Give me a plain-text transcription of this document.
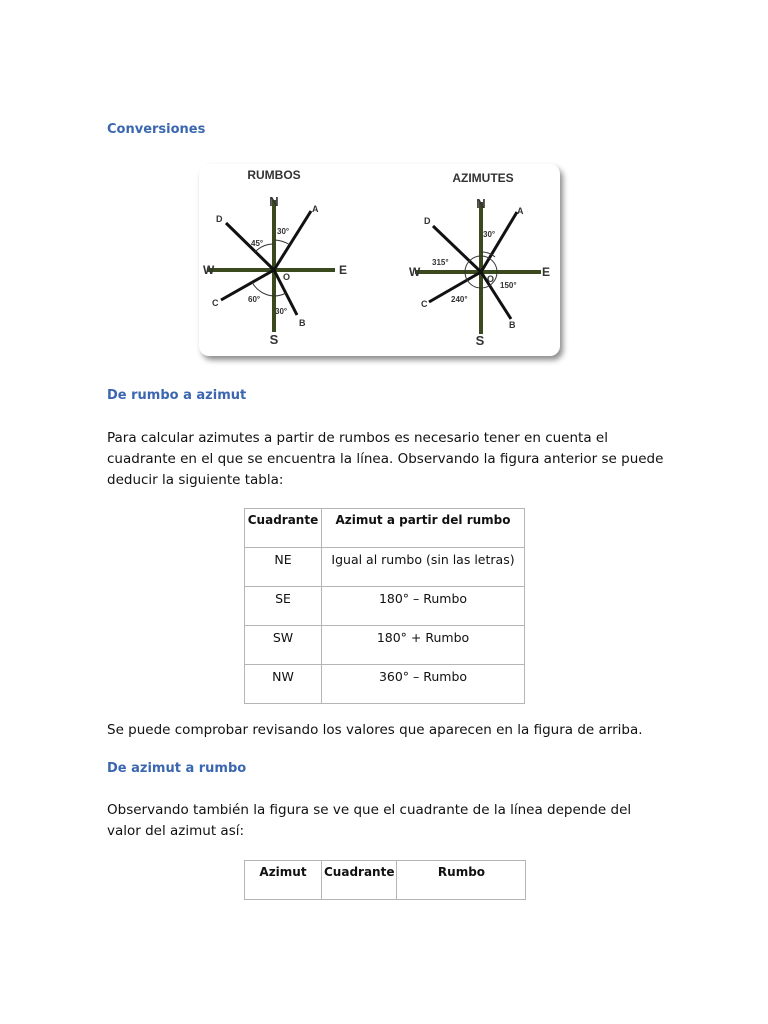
Conversiones
RUMBOS
N
S
E
W	O
A
D
C
B
30°
45°
60°
30°
AZIMUTES
N
S
E
W	O
A
D
C
B
30°
315°
240°
150°
De rumbo a azimut
Para calcular azimutes a partir de rumbos es necesario tener en cuenta el cuadrante en el que se encuentra la línea. Observando la figura anterior se puede deducir la siguiente tabla:
Cuadrante	Azimut a partir del rumbo
NE	Igual al rumbo (sin las letras)
SE	180° – Rumbo
SW	180° + Rumbo
NW	360° – Rumbo
Se puede comprobar revisando los valores que aparecen en la figura de arriba.
De azimut a rumbo
Observando también la figura se ve que el cuadrante de la línea depende del valor del azimut así:
Azimut	Cuadrante	Rumbo
